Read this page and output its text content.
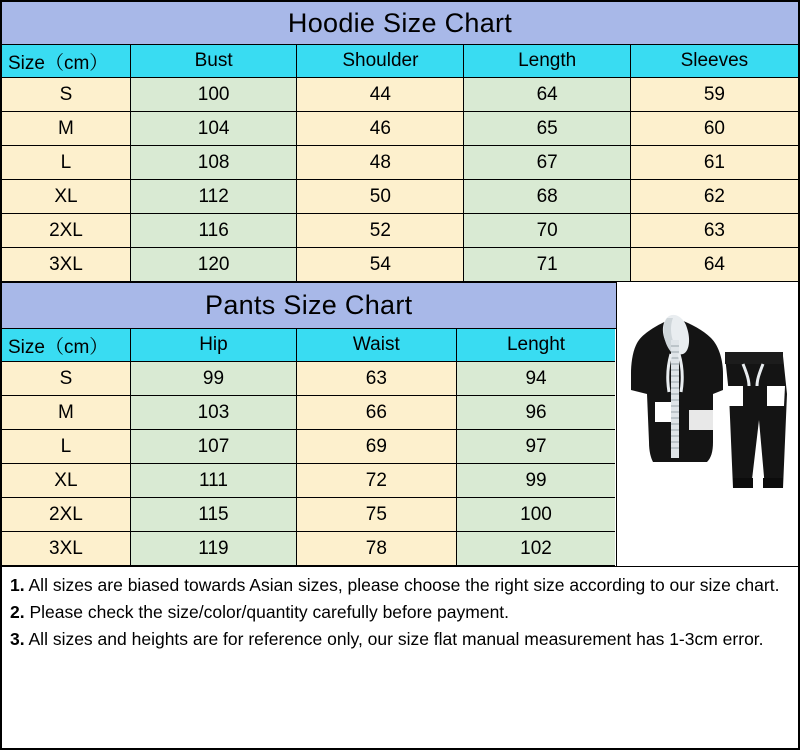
Hoodie Size Chart
Size（cm）	Bust	Shoulder	Length	Sleeves
S	100	44	64	59
M	104	46	65	60
L	108	48	67	61
XL	112	50	68	62
2XL	116	52	70	63
3XL	120	54	71	64
Pants Size Chart
Size（cm）	Hip	Waist	Lenght
S	99	63	94
M	103	66	96
L	107	69	97
XL	111	72	99
2XL	115	75	100
3XL	119	78	102

1. All sizes are biased towards Asian sizes, please choose the right size according to our size chart.

2. Please check the size/color/quantity carefully before payment.

3. All sizes and heights are for reference only, our size flat manual measurement has 1-3cm error.
